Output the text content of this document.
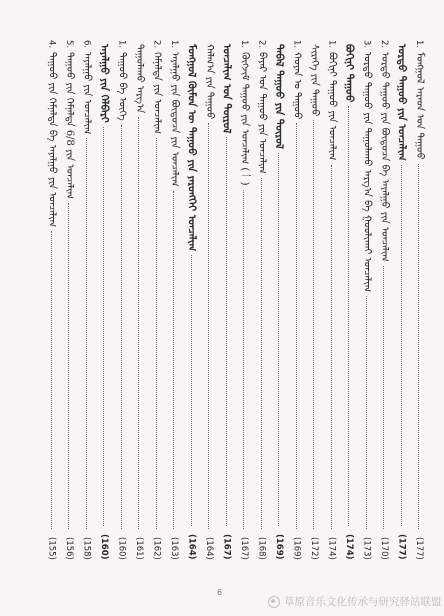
1.
ᠮᠣᠩᠭᠣᠯ ᠠᠷᠠᠳ ᠤᠨ ᠳᠠᠭᠤᠤ
(177)
ᠤᠷᠲᠤ ᠳᠠᠭᠤᠤ ᠶᠢᠨ ᠣᠨᠴᠠᠯᠢᠭ
(177)
2.
ᠤᠷᠲᠤ ᠳᠠᠭᠤᠤ ᠶᠢᠨ ᠪᠦᠲᠦᠴᠡ ᠪᠠ ᠠᠶᠠᠯᠭᠤ ᠶᠢᠨ ᠣᠨᠴᠠᠯᠢᠭ
(170)
3.
ᠤᠷᠲᠤ ᠳᠠᠭᠤᠤ ᠶᠢᠨ ᠳᠠᠭᠤᠯᠠᠬᠤ ᠠᠷᠭ᠎ᠠ ᠪᠠ ᠭᠣᠣᠯᠢᠬᠠᠶ ᠣᠨᠴᠠᠯᠢᠭ
(173)
ᠪᠣᠭᠢᠨᠢ ᠳᠠᠭᠤᠤ
(174)
1.
ᠪᠣᠭᠢᠨᠢ ᠳᠠᠭᠤᠤ ᠶᠢᠨ ᠣᠨᠴᠠᠯᠢᠭ
(174)
ᠰᠢᠷᠡᠭᠡ ᠶᠢᠨ ᠳᠠᠭᠤᠤ
(172)
1.
ᠬᠤᠶᠠᠨ ᠤ ᠳᠠᠭᠤᠤ
(169)
ᠳᠡᠪᠡᠯ ᠳᠠᠭᠤᠤ ᠶᠢᠨ ᠲᠦᠷᠦᠯ
(169)
2.
ᠪᠠᠶᠠᠷ ᠤᠨ ᠳᠠᠭᠤᠤ ᠶᠢᠨ ᠣᠨᠴᠠᠯᠢᠭ
(168)
1.
ᠬᠥᠭᠵᠢᠮ ᠳᠠᠭᠤᠤ ᠶᠢᠨ ᠣᠨᠴᠠᠯᠢᠭ (一)
(167)
ᠣᠨᠴᠠᠯᠢᠭ ᠤᠨ ᠲᠦᠷᠦᠯ
(167)
ᠬᠠᠯᠬ᠎ᠠ ᠶᠢᠨ ᠳᠠᠭᠤᠤ
(164)
ᠮᠣᠩᠭᠣᠯ ᠬᠦᠮᠦᠨ ᠦ ᠳᠠᠭᠤᠤ ᠶᠢᠨ ᠶᠡᠷᠦᠩᠬᠡᠢ ᠣᠨᠴᠠᠯᠢᠭ
(164)
1.
ᠠᠶᠠᠯᠭᠤ ᠶᠢᠨ ᠪᠦᠲᠦᠴᠡ ᠶᠢᠨ ᠣᠨᠴᠠᠯᠢᠭ
(163)
2.
ᠬᠡᠮᠨᠡᠯᠲᠡ ᠶᠢᠨ ᠣᠨᠴᠠᠯᠢᠭ
(162)
ᠳᠠᠭᠤᠯᠠᠬᠤ ᠠᠷᠭ᠎ᠠ
(161)
1.
ᠳᠠᠭᠤᠤ ᠪᠠ ᠦᠭᠡ
(160)
ᠠᠶᠠᠯᠭᠤ ᠶᠢᠨ ᠬᠡᠯᠪᠡᠷᠢ
(160)
6.
ᠠᠶᠠᠯᠭᠤ ᠶᠢᠨ ᠣᠨᠴᠠᠯᠢᠭ
(158)
5.
ᠳᠠᠭᠤᠤ ᠶᠢᠨ ᠬᠡᠮᠨᠡᠯᠲᠡ 6/8 ᠶᠢᠨ ᠣᠨᠴᠠᠯᠢᠭ
(156)
4.
ᠳᠠᠭᠤᠤ ᠶᠢᠨ ᠬᠡᠮᠨᠡᠯᠲᠡ ᠪᠠ ᠠᠶᠠᠯᠭᠤ ᠶᠢᠨ ᠣᠨᠴᠠᠯᠢᠭ
(155)
6
草原音乐文化传承与研究驿站联盟
